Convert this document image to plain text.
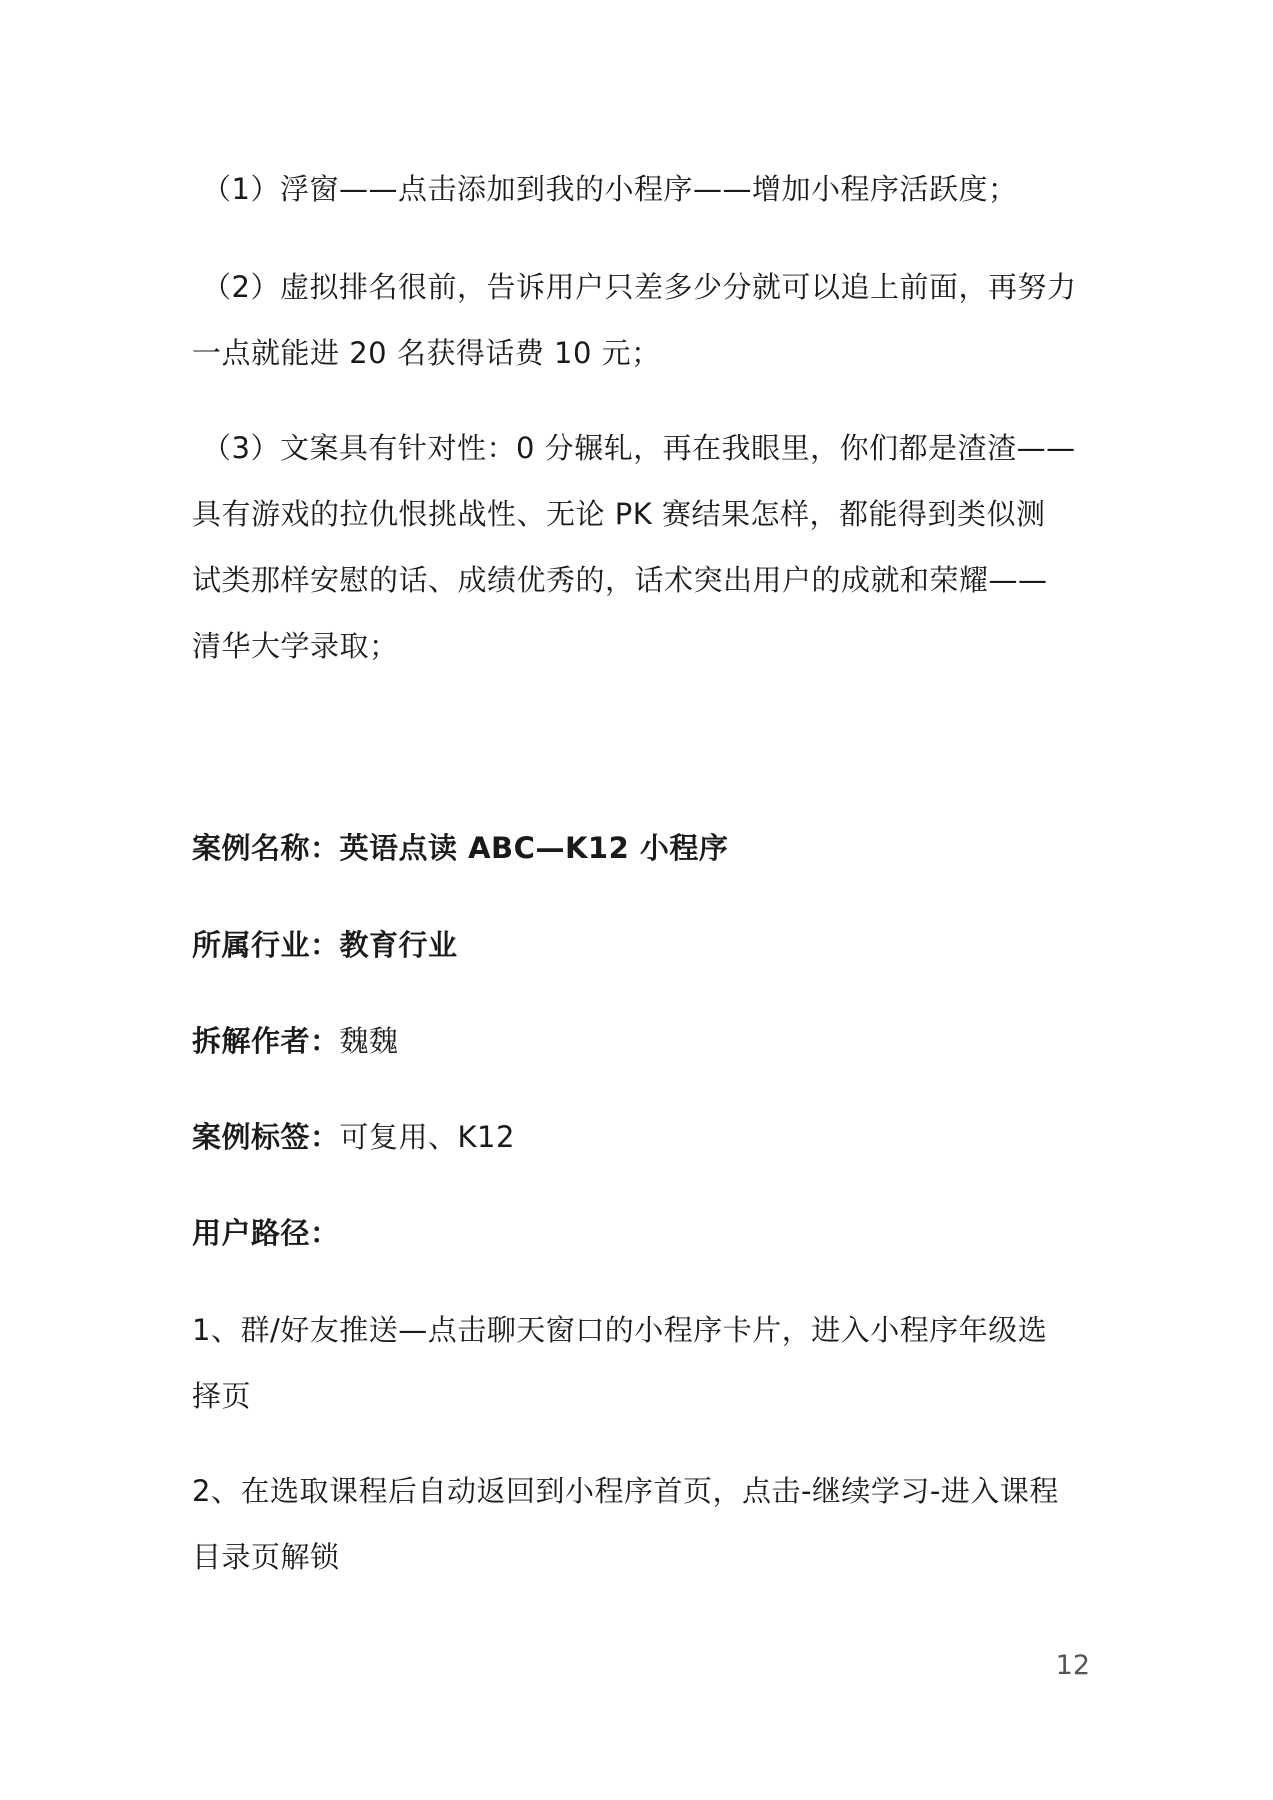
（1）浮窗——点击添加到我的小程序——增加小程序活跃度；
（2）虚拟排名很前，告诉用户只差多少分就可以追上前面，再努力
一点就能进 20 名获得话费 10 元；
（3）文案具有针对性：0 分辗轧，再在我眼里，你们都是渣渣——
具有游戏的拉仇恨挑战性、无论 PK 赛结果怎样，都能得到类似测
试类那样安慰的话、成绩优秀的，话术突出用户的成就和荣耀——
清华大学录取；
案例名称：英语点读 ABC—K12 小程序
所属行业：教育行业
拆解作者：魏魏
案例标签：可复用、K12
用户路径：
1、群/好友推送—点击聊天窗口的小程序卡片，进入小程序年级选
择页
2、在选取课程后自动返回到小程序首页，点击-继续学习-进入课程
目录页解锁
12
